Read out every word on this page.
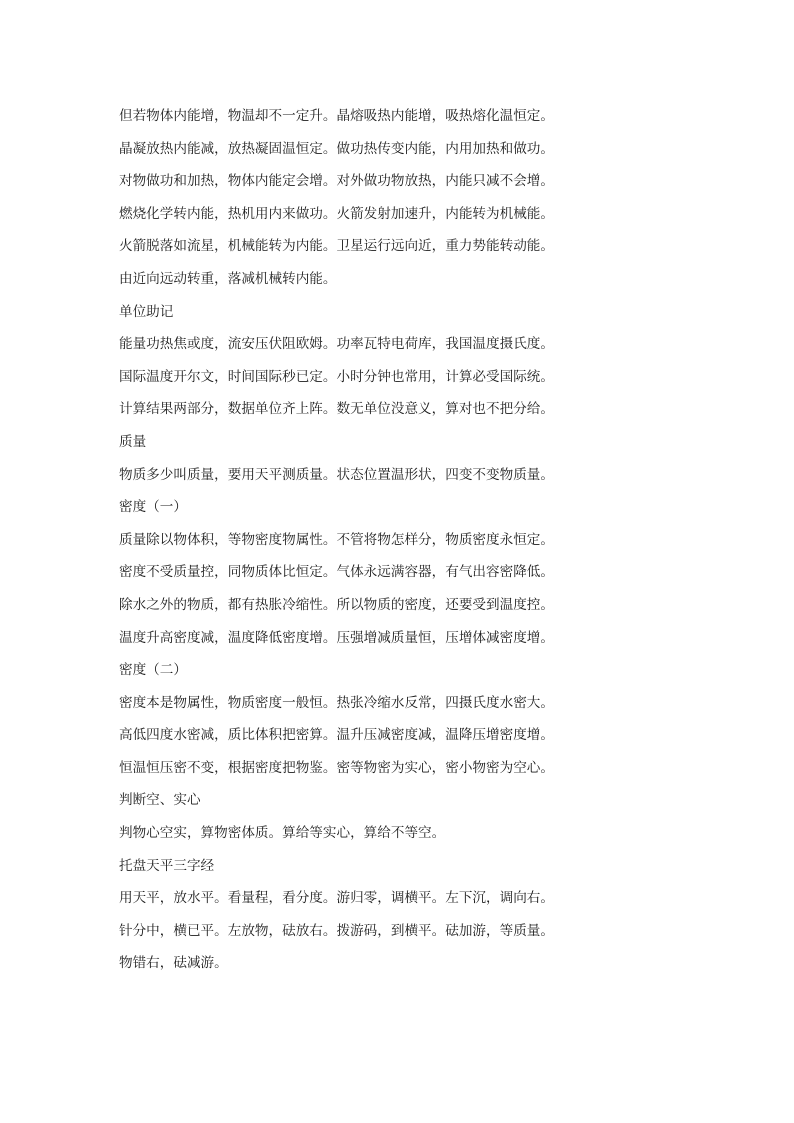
但若物体内能增，物温却不一定升。晶熔吸热内能增，吸热熔化温恒定。

晶凝放热内能减，放热凝固温恒定。做功热传变内能，内用加热和做功。

对物做功和加热，物体内能定会增。对外做功物放热，内能只减不会增。

燃烧化学转内能，热机用内来做功。火箭发射加速升，内能转为机械能。

火箭脱落如流星，机械能转为内能。卫星运行远向近，重力势能转动能。

由近向远动转重，落减机械转内能。

单位助记

能量功热焦或度，流安压伏阻欧姆。功率瓦特电荷库，我国温度摄氏度。

国际温度开尔文，时间国际秒已定。小时分钟也常用，计算必受国际统。

计算结果两部分，数据单位齐上阵。数无单位没意义，算对也不把分给。

质量

物质多少叫质量，要用天平测质量。状态位置温形状，四变不变物质量。

密度（一）

质量除以物体积，等物密度物属性。不管将物怎样分，物质密度永恒定。

密度不受质量控，同物质体比恒定。气体永远满容器，有气出容密降低。

除水之外的物质，都有热胀冷缩性。所以物质的密度，还要受到温度控。

温度升高密度减，温度降低密度增。压强增减质量恒，压增体减密度增。

密度（二）

密度本是物属性，物质密度一般恒。热张冷缩水反常，四摄氏度水密大。

高低四度水密减，质比体积把密算。温升压减密度减，温降压增密度增。

恒温恒压密不变，根据密度把物鉴。密等物密为实心，密小物密为空心。

判断空、实心

判物心空实，算物密体质。算给等实心，算给不等空。

托盘天平三字经

用天平，放水平。看量程，看分度。游归零，调横平。左下沉，调向右。

针分中，横已平。左放物，砝放右。拨游码，到横平。砝加游，等质量。

物错右，砝减游。
